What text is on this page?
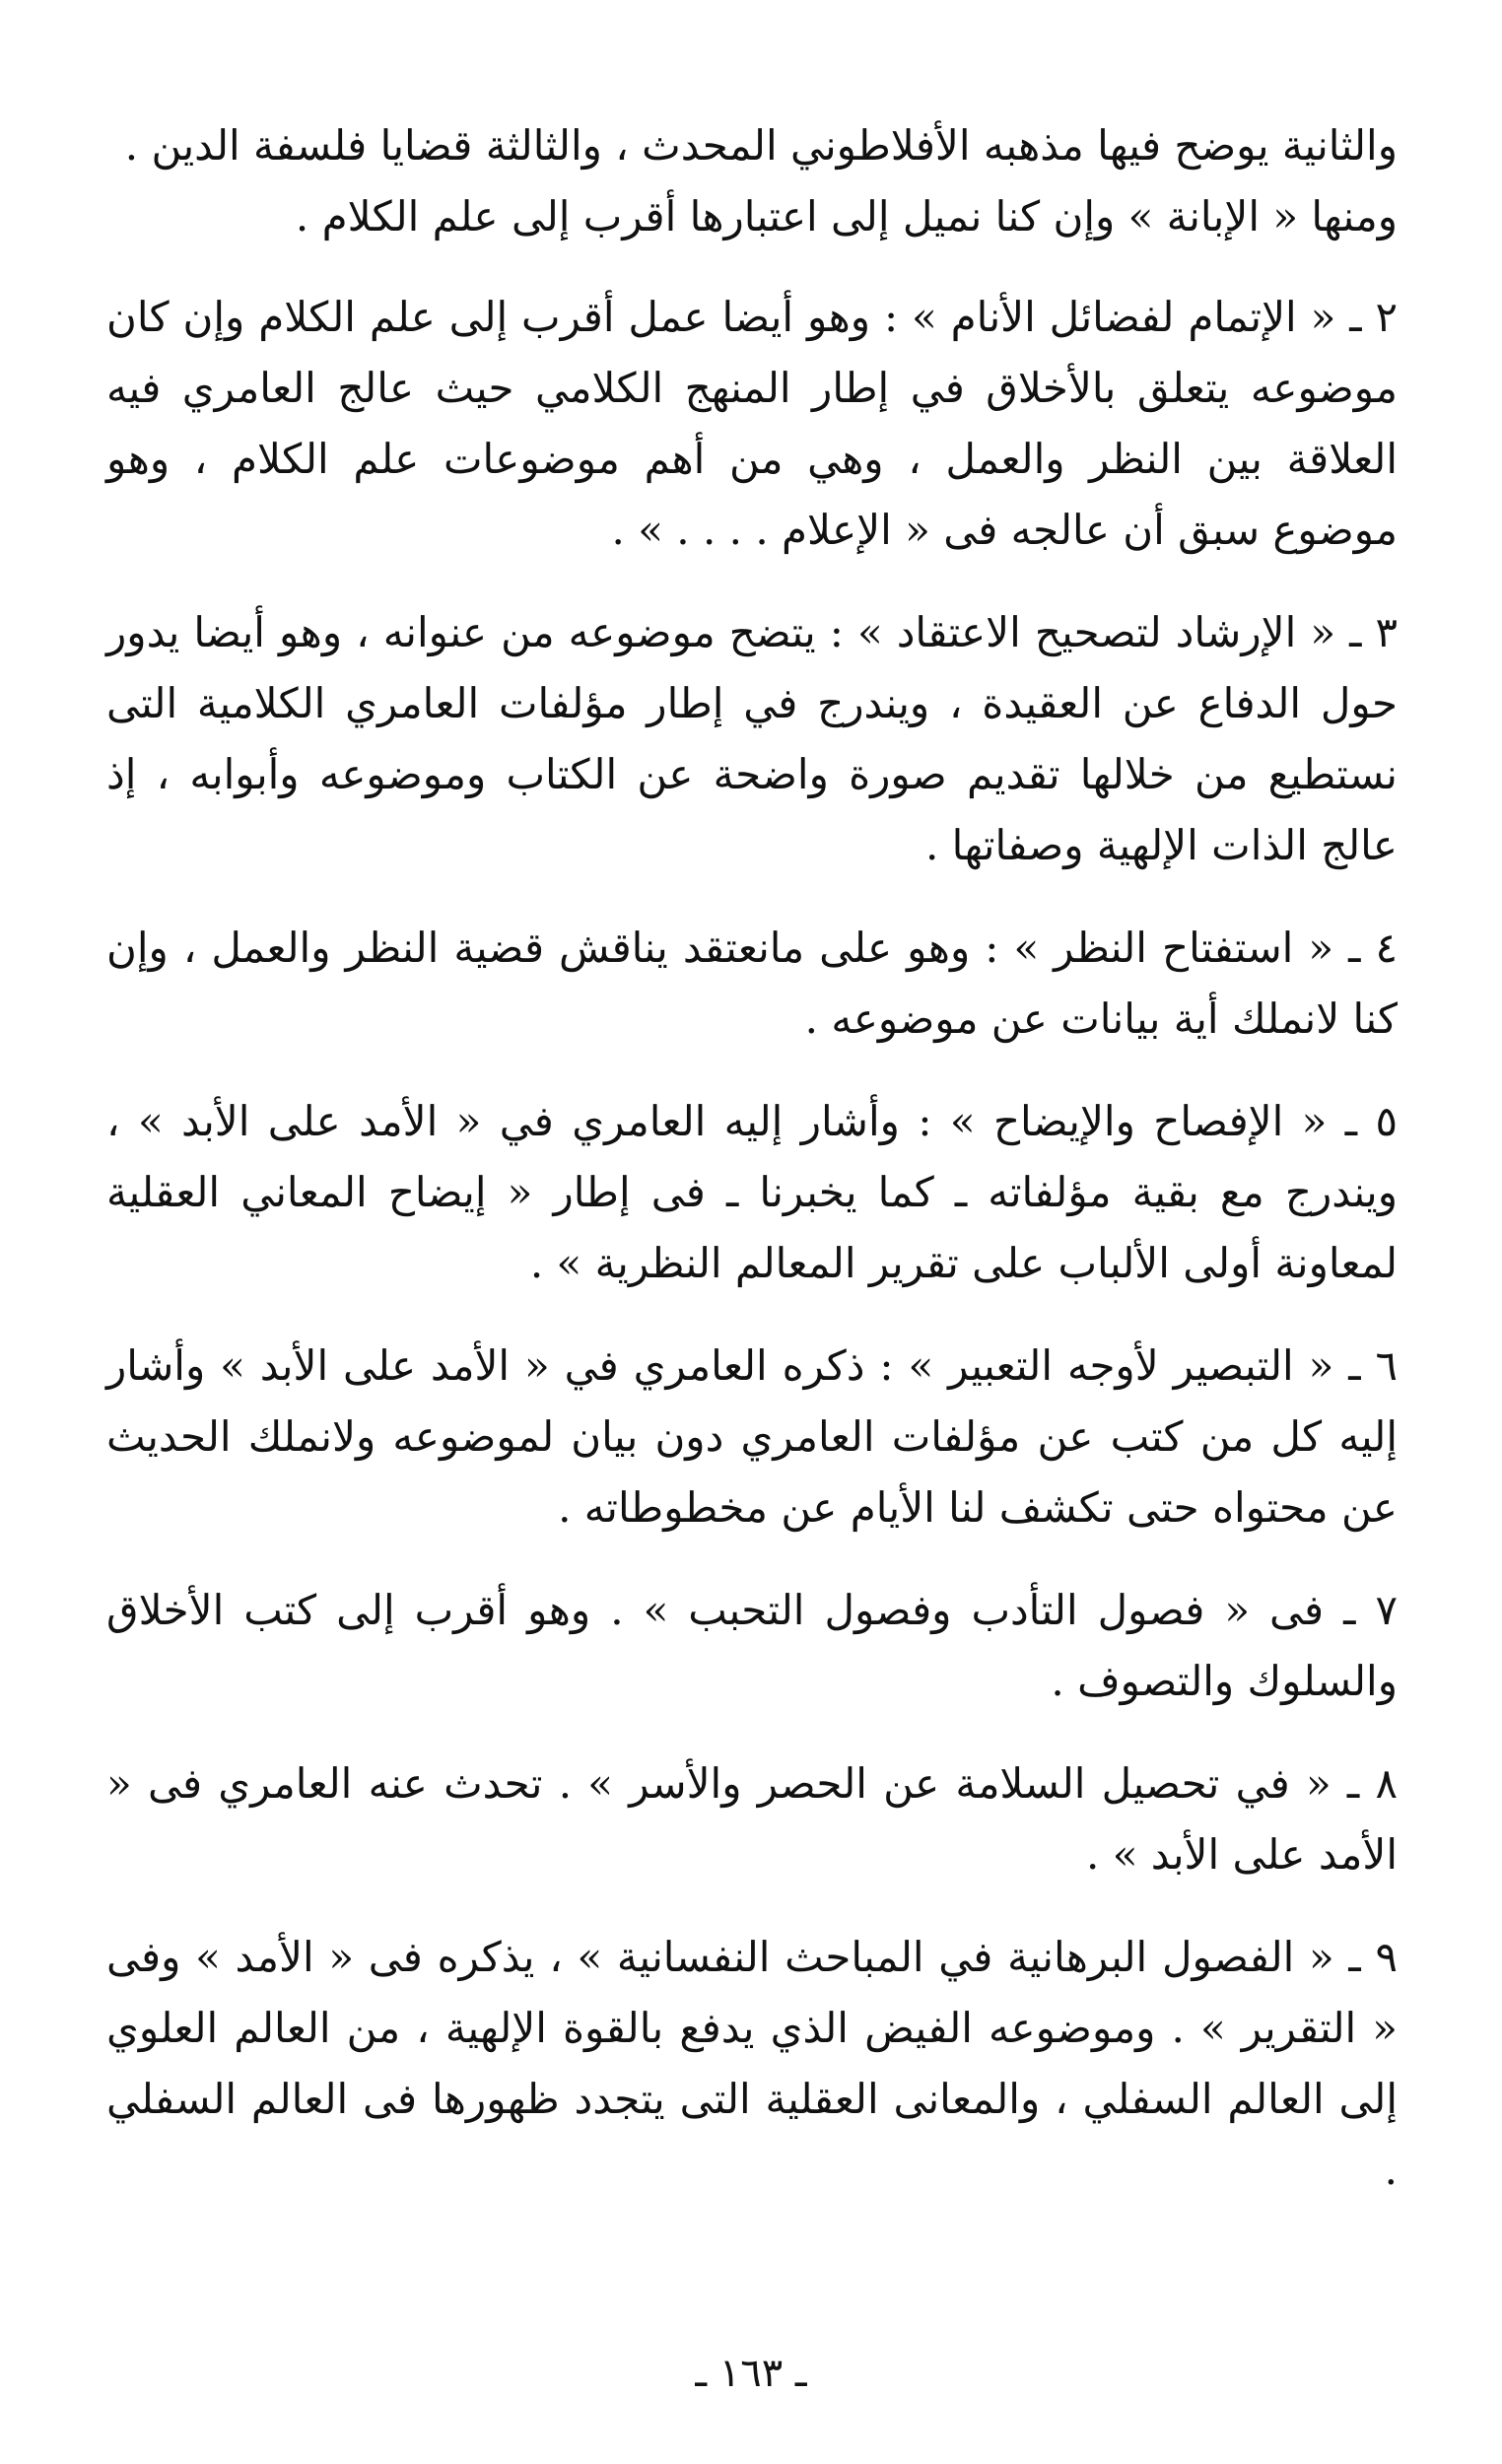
والثانية يوضح فيها مذهبه الأفلاطوني المحدث ، والثالثة قضايا فلسفة الدين .
ومنها « الإبانة » وإن كنا نميل إلى اعتبارها أقرب إلى علم الكلام .

٢ ـ « الإتمام لفضائل الأنام » : وهو أيضا عمل أقرب إلى علم الكلام وإن كان موضوعه يتعلق بالأخلاق في إطار المنهج الكلامي حيث عالج العامري فيه العلاقة بين النظر والعمل ، وهي من أهم موضوعات علم الكلام ، وهو موضوع سبق أن عالجه فى « الإعلام . . . . » .

٣ ـ « الإرشاد لتصحيح الاعتقاد » : يتضح موضوعه من عنوانه ، وهو أيضا يدور حول الدفاع عن العقيدة ، ويندرج في إطار مؤلفات العامري الكلامية التى نستطيع من خلالها تقديم صورة واضحة عن الكتاب وموضوعه وأبوابه ، إذ عالج الذات الإلهية وصفاتها .

٤ ـ « استفتاح النظر » : وهو على مانعتقد يناقش قضية النظر والعمل ، وإن كنا لانملك أية بيانات عن موضوعه .

٥ ـ « الإفصاح والإيضاح » : وأشار إليه العامري في « الأمد على الأبد » ، ويندرج مع بقية مؤلفاته ـ كما يخبرنا ـ فى إطار « إيضاح المعاني العقلية لمعاونة أولى الألباب على تقرير المعالم النظرية » .

٦ ـ « التبصير لأوجه التعبير » : ذكره العامري في « الأمد على الأبد » وأشار إليه كل من كتب عن مؤلفات العامري دون بيان لموضوعه ولانملك الحديث عن محتواه حتى تكشف لنا الأيام عن مخطوطاته .

٧ ـ فى « فصول التأدب وفصول التحبب » . وهو أقرب إلى كتب الأخلاق والسلوك والتصوف .

٨ ـ « في تحصيل السلامة عن الحصر والأسر » . تحدث عنه العامري فى « الأمد على الأبد » .

٩ ـ « الفصول البرهانية في المباحث النفسانية » ، يذكره فى « الأمد » وفى « التقرير » . وموضوعه الفيض الذي يدفع بالقوة الإلهية ، من العالم العلوي إلى العالم السفلي ، والمعانى العقلية التى يتجدد ظهورها فى العالم السفلي .

ـ ١٦٣ ـ
